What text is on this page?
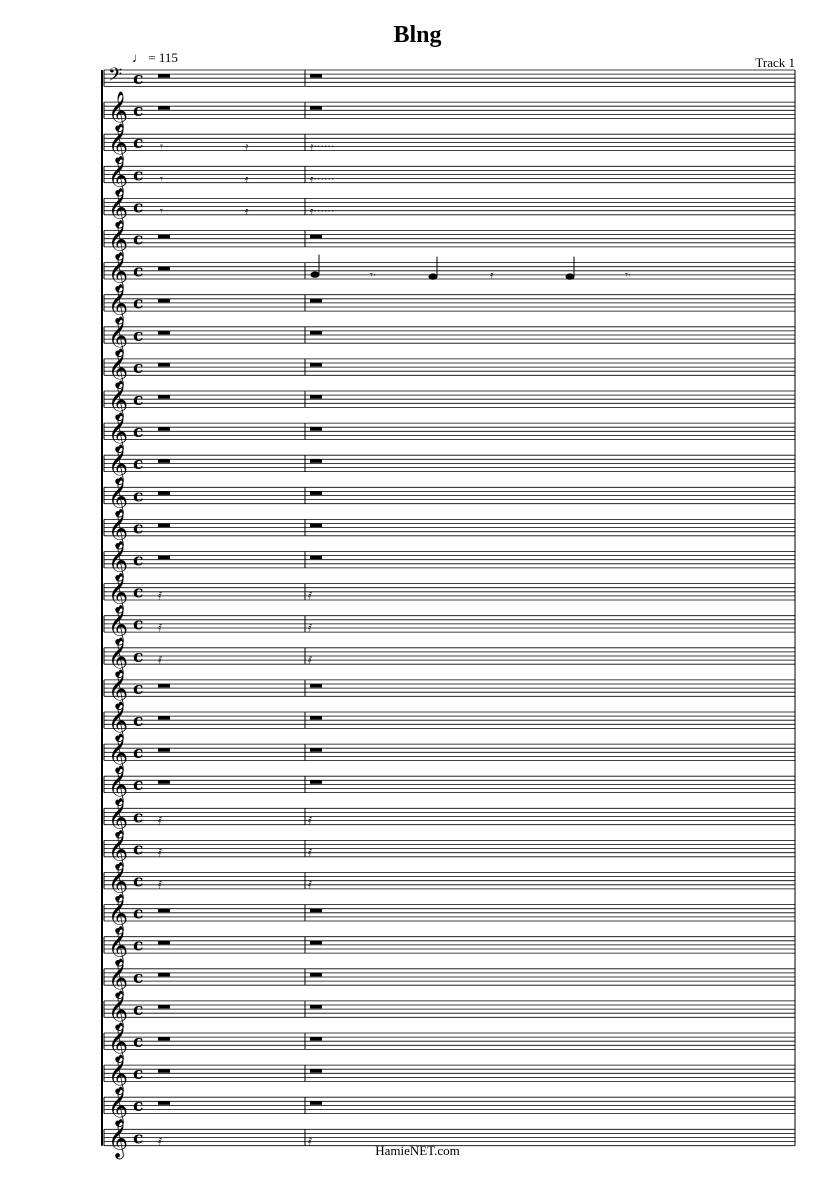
Blng
♩ = 115	Track 1
𝄢 c
𝄞 c
𝄞 c 𝄾	𝄿	𝄿······
𝄞 c 𝄾	𝄿	𝄿······
𝄞 c 𝄾	𝄿	𝄿······
𝄞 c
𝄞 c	𝄾·	𝄿	𝄾·
𝄞 c
𝄞 c
𝄞 c
𝄞 c
𝄞 c
𝄞 c
𝄞 c
𝄞 c
𝄞 c
𝄞 c 𝅀	𝅀
𝄞 c 𝅀	𝅀
𝄞 c 𝅀	𝅀
𝄞 c
𝄞 c
𝄞 c
𝄞 c
𝄞 c 𝅀	𝅀
𝄞 c 𝅀	𝅀
𝄞 c 𝅀	𝅀
𝄞 c
𝄞 c
𝄞 c
𝄞 c
𝄞 c
𝄞 c
𝄞 c
𝄞 c 𝅀	𝅀
HamieNET.com
